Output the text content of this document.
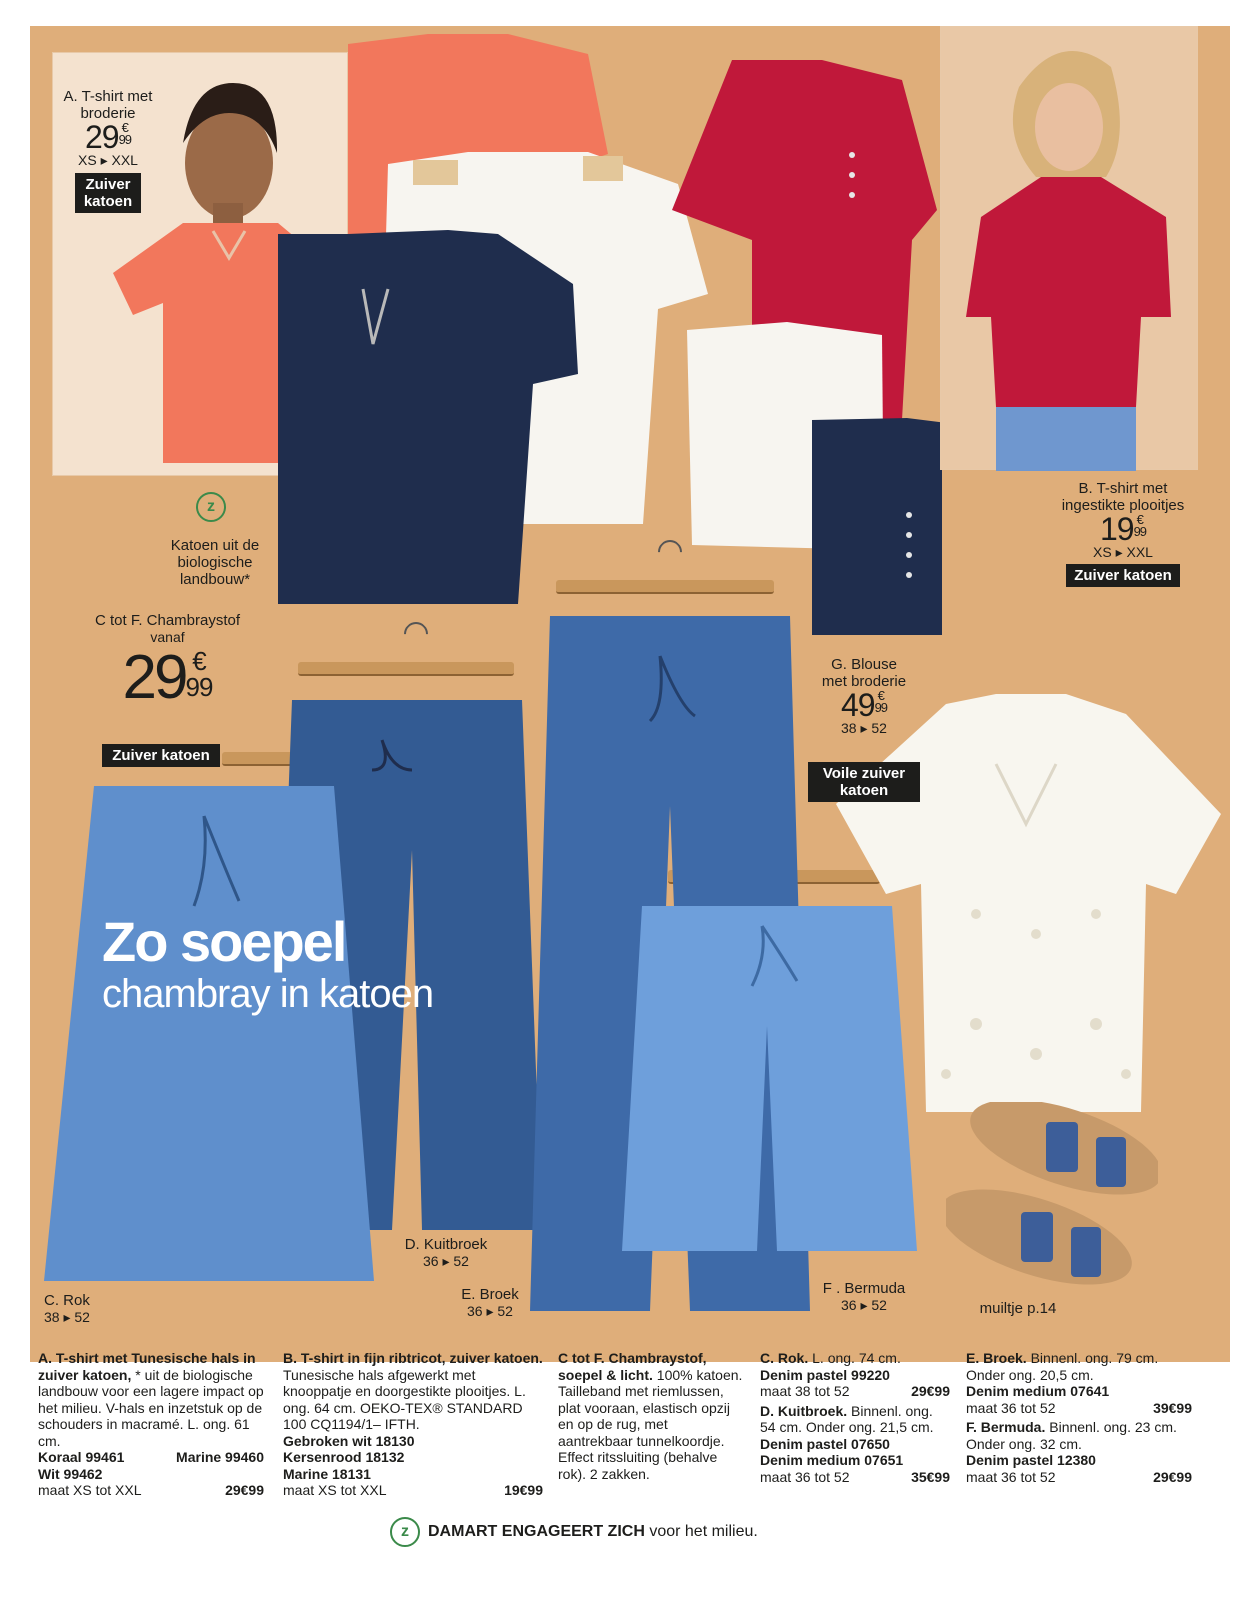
A. T-shirt met broderie
29 €
99
XS ▸ XXL
Zuiver katoen
z
Katoen uit de biologische landbouw*
B. T-shirt met ingestikte plooitjes
19 €
99
XS ▸ XXL
Zuiver katoen
C tot F. Chambraystof
vanaf
29 €
99
Zuiver katoen
G. Blouse met broderie
49 €
99
38 ▸ 52
Voile zuiver katoen
Zo soepel
chambray in katoen
C. Rok
38 ▸ 52
D. Kuitbroek
36 ▸ 52
E. Broek
36 ▸ 52
F . Bermuda
36 ▸ 52	muiltje p.14
A. T-shirt met Tunesische hals in zuiver katoen, * uit de biologische landbouw voor een lagere impact op het milieu. V-hals en inzetstuk op de schouders in macramé. L. ong. 61 cm.
Koraal 99461	Marine 99460
Wit 99462
maat XS tot XXL	29€99
B. T-shirt in fijn ribtricot, zuiver katoen. Tunesische hals afgewerkt met knooppatje en doorgestikte plooitjes. L. ong. 64 cm. OEKO-TEX® STANDARD 100 CQ1194/1– IFTH.
Gebroken wit 18130
Kersenrood 18132
Marine 18131
maat XS tot XXL	19€99
C tot F. Chambraystof, soepel & licht. 100% katoen. Tailleband met riemlussen, plat vooraan, elastisch opzij en op de rug, met aantrekbaar tunnelkoordje. Effect ritssluiting (behalve rok). 2 zakken.
C. Rok. L. ong. 74 cm.
Denim pastel 99220
maat 38 tot 52	29€99
D. Kuitbroek. Binnenl. ong. 54 cm. Onder ong. 21,5 cm.
Denim pastel 07650
Denim medium 07651
maat 36 tot 52	35€99
E. Broek. Binnenl. ong. 79 cm. Onder ong. 20,5 cm.
Denim medium 07641
maat 36 tot 52	39€99
F. Bermuda. Binnenl. ong. 23 cm. Onder ong. 32 cm.
Denim pastel 12380
maat 36 tot 52	29€99
z	DAMART ENGAGEERT ZICH voor het milieu.
